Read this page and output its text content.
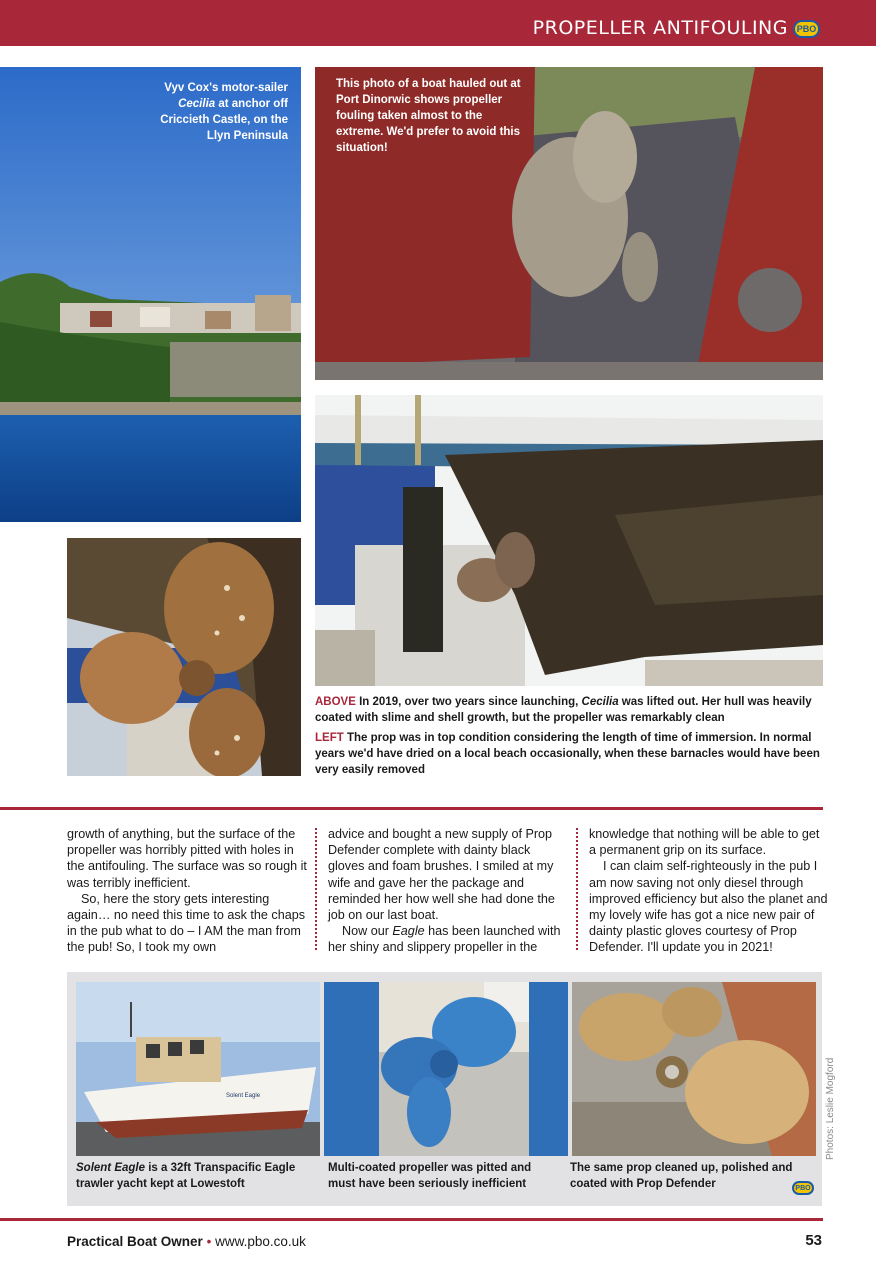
PROPELLER ANTIFOULING PBO
Vyv Cox's motor-sailer
Cecilia at anchor off Criccieth Castle, on the Llyn Peninsula
This photo of a boat hauled out at Port Dinorwic shows propeller fouling taken almost to the extreme. We'd prefer to avoid this situation!
ABOVE In 2019, over two years since launching, Cecilia was lifted out. Her hull was heavily coated with slime and shell growth, but the propeller was remarkably clean
LEFT The prop was in top condition considering the length of time of immersion. In normal years we'd have dried on a local beach occasionally, when these barnacles would have been very easily removed

growth of anything, but the surface of the propeller was horribly pitted with holes in the antifouling. The surface was so rough it was terribly inefficient.

So, here the story gets interesting again… no need this time to ask the chaps in the pub what to do – I AM the man from the pub! So, I took my own

advice and bought a new supply of Prop Defender complete with dainty black gloves and foam brushes. I smiled at my wife and gave her the package and reminded her how well she had done the job on our last boat.

Now our Eagle has been launched with her shiny and slippery propeller in the

knowledge that nothing will be able to get a permanent grip on its surface.

I can claim self-righteously in the pub I am now saving not only diesel through improved efficiency but also the planet and my lovely wife has got a nice new pair of dainty plastic gloves courtesy of Prop Defender. I'll update you in 2021!

Solent Eagle
Solent Eagle is a 32ft Transpacific Eagle trawler yacht kept at Lowestoft
Multi-coated propeller was pitted and must have been seriously inefficient
The same prop cleaned up, polished and coated with Prop Defender	PBO
Photos: Leslie Mogford
Practical Boat Owner • www.pbo.co.uk	53
